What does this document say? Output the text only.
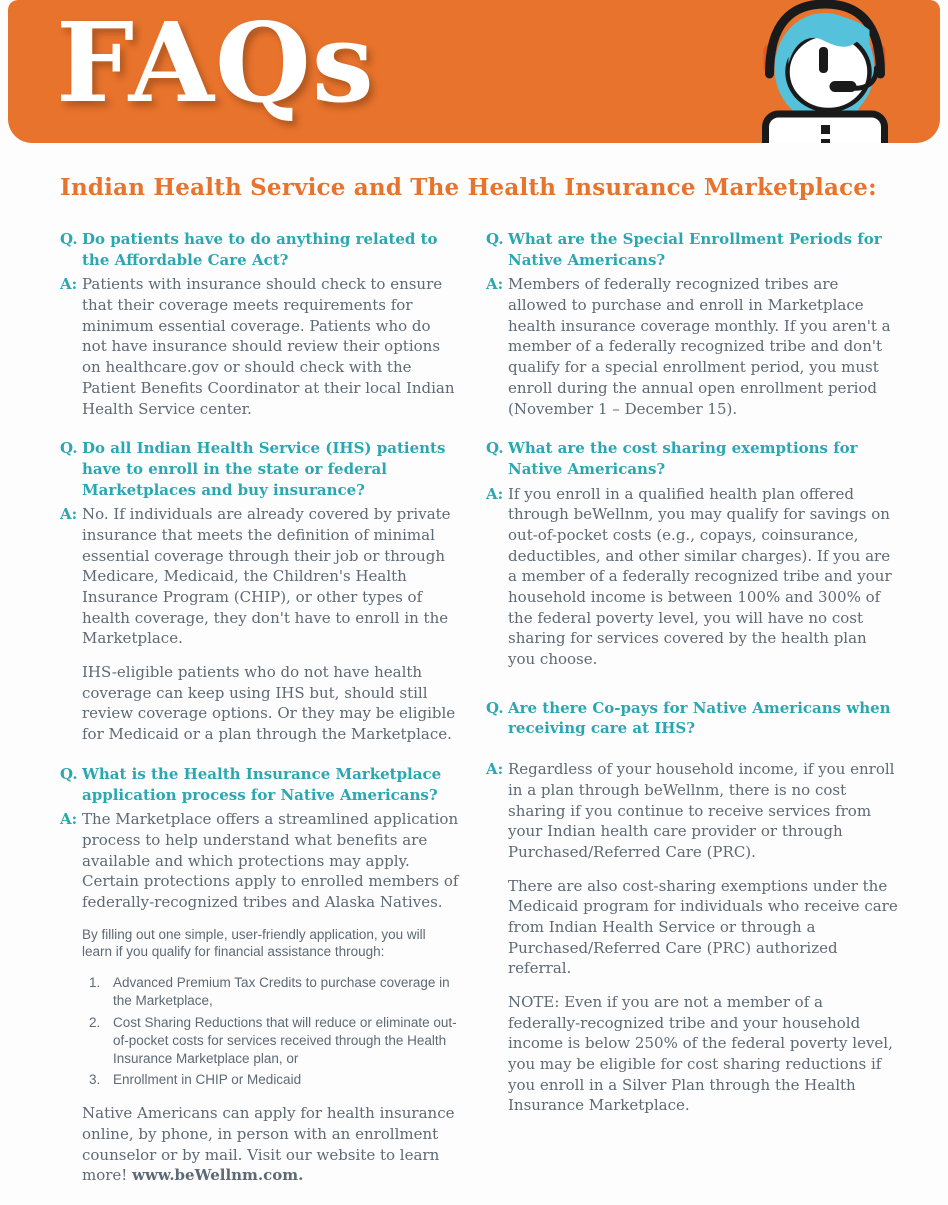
FAQs
Indian Health Service and The Health Insurance Marketplace:
Q. Do patients have to do anything related to the Affordable Care Act?
A: Patients with insurance should check to ensure that their coverage meets requirements for minimum essential coverage. Patients who do not have insurance should review their options on healthcare.gov or should check with the Patient Benefits Coordinator at their local Indian Health Service center.

Q. Do all Indian Health Service (IHS) patients have to enroll in the state or federal Marketplaces and buy insurance?
A: No. If individuals are already covered by private insurance that meets the definition of minimal essential coverage through their job or through Medicare, Medicaid, the Children's Health Insurance Program (CHIP), or other types of health coverage, they don't have to enroll in the Marketplace.

IHS-eligible patients who do not have health coverage can keep using IHS but, should still review coverage options. Or they may be eligible for Medicaid or a plan through the Marketplace.

Q. What is the Health Insurance Marketplace application process for Native Americans?
A: The Marketplace offers a streamlined application process to help understand what benefits are available and which protections may apply. Certain protections apply to enrolled members of federally-recognized tribes and Alaska Natives.

By filling out one simple, user-friendly application, you will learn if you qualify for financial assistance through:

Advanced Premium Tax Credits to purchase coverage in the Marketplace,
Cost Sharing Reductions that will reduce or eliminate out-of-pocket costs for services received through the Health Insurance Marketplace plan, or
Enrollment in CHIP or Medicaid

Native Americans can apply for health insurance online, by phone, in person with an enrollment counselor or by mail. Visit our website to learn more! www.beWellnm.com.

Q. What are the Special Enrollment Periods for Native Americans?
A: Members of federally recognized tribes are allowed to purchase and enroll in Marketplace health insurance coverage monthly. If you aren't a member of a federally recognized tribe and don't qualify for a special enrollment period, you must enroll during the annual open enrollment period (November 1 – December 15).

Q. What are the cost sharing exemptions for Native Americans?
A: If you enroll in a qualified health plan offered through beWellnm, you may qualify for savings on out-of-pocket costs (e.g., copays, coinsurance, deductibles, and other similar charges). If you are a member of a federally recognized tribe and your household income is between 100% and 300% of the federal poverty level, you will have no cost sharing for services covered by the health plan you choose.

Q. Are there Co-pays for Native Americans when receiving care at IHS?
A: Regardless of your household income, if you enroll in a plan through beWellnm, there is no cost sharing if you continue to receive services from your Indian health care provider or through Purchased/Referred Care (PRC).

There are also cost-sharing exemptions under the Medicaid program for individuals who receive care from Indian Health Service or through a Purchased/Referred Care (PRC) authorized referral.

NOTE: Even if you are not a member of a federally-recognized tribe and your household income is below 250% of the federal poverty level, you may be eligible for cost sharing reductions if you enroll in a Silver Plan through the Health Insurance Marketplace.
